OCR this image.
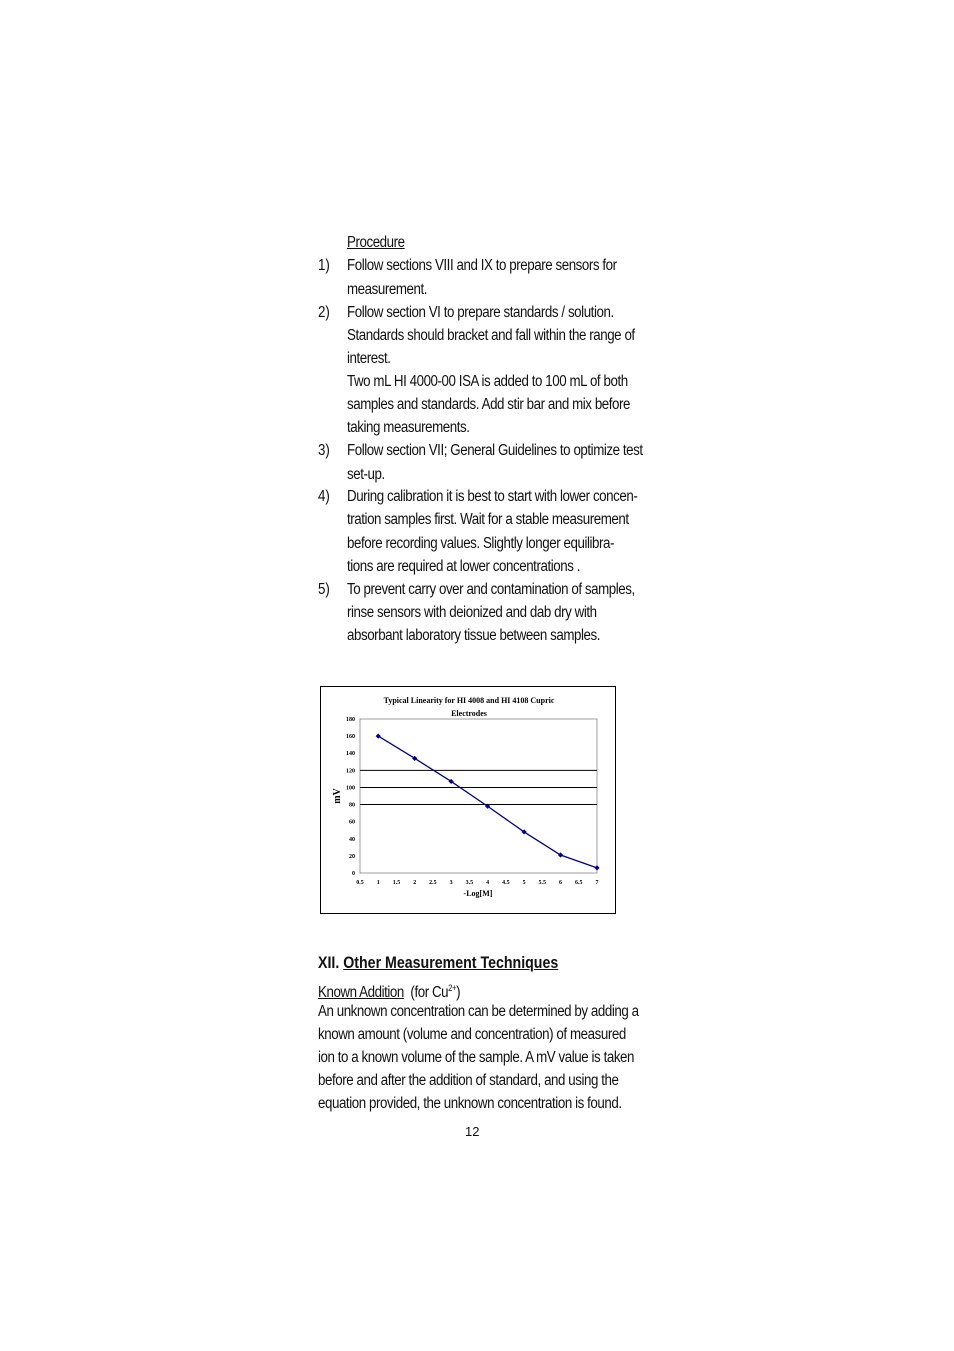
Procedure
1) Follow sections VIII and IX to prepare sensors for
measurement.
2) Follow section VI to prepare standards / solution.
Standards should bracket and fall within the range of
interest.
Two mL HI 4000-00 ISA is added to 100 mL of both
samples and standards. Add stir bar and mix before
taking measurements.
3) Follow section VII; General Guidelines to optimize test
set-up.
4) During calibration it is best to start with lower concen-
tration samples first. Wait for a stable measurement
before recording values. Slightly longer equilibra-
tions are required at lower concentrations .
5) To prevent carry over and contamination of samples,
rinse sensors with deionized and dab dry with
absorbant laboratory tissue between samples.
Typical Linearity for HI 4008 and HI 4108 Cupric
Electrodes
mV
-Log[M]
0
20
40
60
80
100
120
140
160
180
0.5 1 1.5 2 2.5 3 3.5 4 4.5 5 5.5 6 6.5 7
XII. Other Measurement Techniques
Known Addition (for $Cu^{2+}$)
An unknown concentration can be determined by adding a
known amount (volume and concentration) of measured
ion to a known volume of the sample. A mV value is taken
before and after the addition of standard, and using the
equation provided, the unknown concentration is found.
12
